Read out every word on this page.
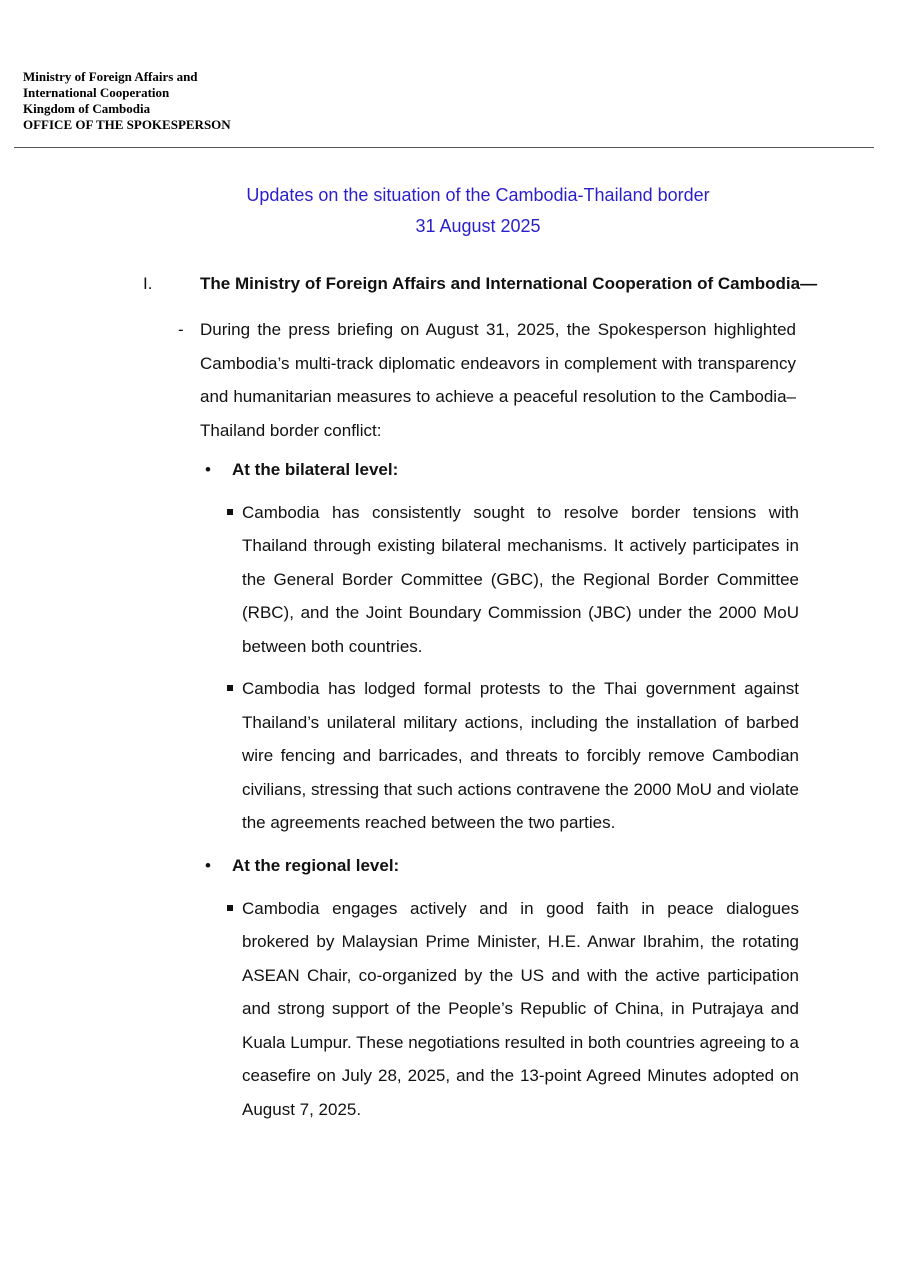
Ministry of Foreign Affairs and
International Cooperation
Kingdom of Cambodia
OFFICE OF THE SPOKESPERSON
Updates on the situation of the Cambodia-Thailand border
31 August 2025
I.	The Ministry of Foreign Affairs and International Cooperation of Cambodia—
- During the press briefing on August 31, 2025, the Spokesperson highlighted Cambodia’s multi-track diplomatic endeavors in complement with transparency and humanitarian measures to achieve a peaceful resolution to the Cambodia–Thailand border conflict:
• At the bilateral level:
Cambodia has consistently sought to resolve border tensions with Thailand through existing bilateral mechanisms. It actively participates in the General Border Committee (GBC), the Regional Border Committee (RBC), and the Joint Boundary Commission (JBC) under the 2000 MoU between both countries.
Cambodia has lodged formal protests to the Thai government against Thailand’s unilateral military actions, including the installation of barbed wire fencing and barricades, and threats to forcibly remove Cambodian civilians, stressing that such actions contravene the 2000 MoU and violate the agreements reached between the two parties.
• At the regional level:
Cambodia engages actively and in good faith in peace dialogues brokered by Malaysian Prime Minister, H.E. Anwar Ibrahim, the rotating ASEAN Chair, co-organized by the US and with the active participation and strong support of the People’s Republic of China, in Putrajaya and Kuala Lumpur. These negotiations resulted in both countries agreeing to a ceasefire on July 28, 2025, and the 13-point Agreed Minutes adopted on August 7, 2025.
